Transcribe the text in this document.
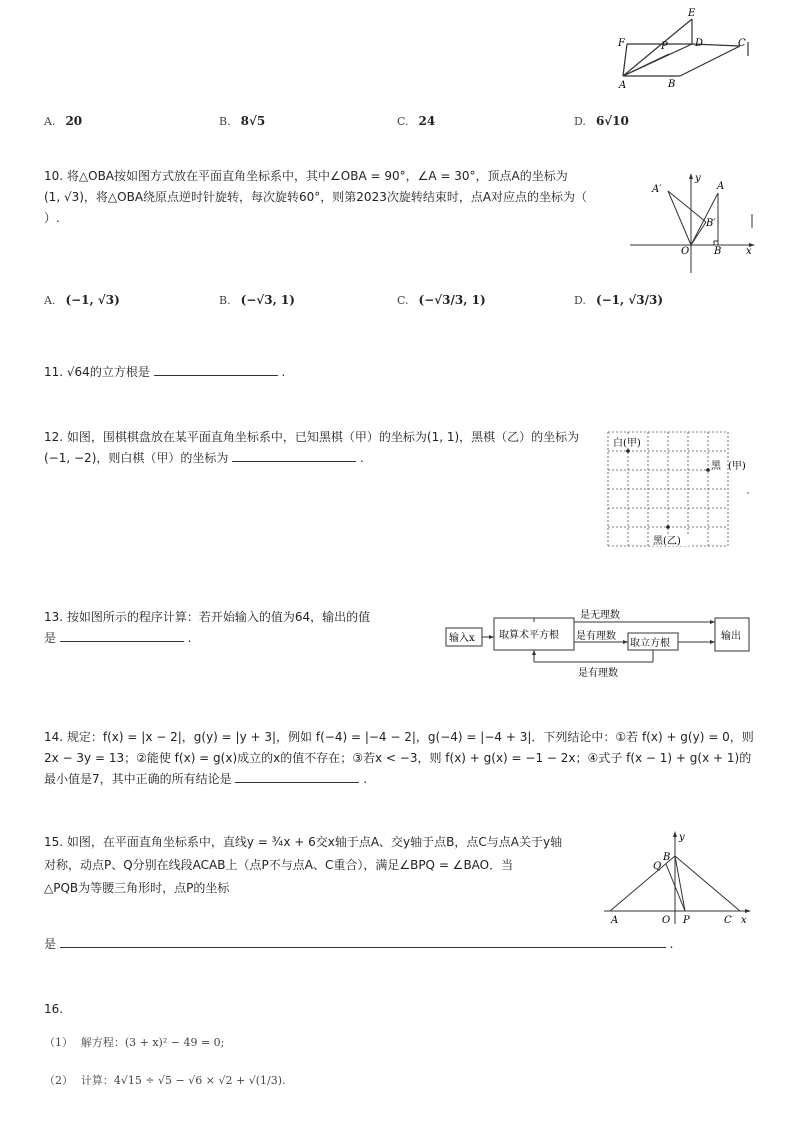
E
F	P	D	C
A	B
A. 20	B. 8√5	C. 24	D. 6√10
10. 将△OBA按如图方式放在平面直角坐标系中，其中∠OBA = 90°，∠A = 30°，顶点A的坐标为
(1, √3)，将△OBA绕原点逆时针旋转，每次旋转60°，则第2023次旋转结束时，点A对应点的坐标为（
）.
y
x
A′	A
B′
O B
A. (−1, √3)	B. (−√3, 1)	C. (−√3/3, 1)	D. (−1, √3/3)
11. √64的立方根是	.
12. 如图，围棋棋盘放在某平面直角坐标系中，已知黑棋（甲）的坐标为(1, 1)，黑棋（乙）的坐标为
(−1, −2)，则白棋（甲）的坐标为	.
白(甲)
黑 (甲)
黑(乙)
13. 按如图所示的程序计算：若开始输入的值为64，输出的值
是	.	输入x 取算术平方根 是有理数
取立方根
是无理数
输出
是有理数
14. 规定：f(x) = |x − 2|，g(y) = |y + 3|，例如 f(−4) = |−4 − 2|，g(−4) = |−4 + 3|．下列结论中：①若 f(x) + g(y) = 0，则
2x − 3y = 13；②能使 f(x) = g(x)成立的x的值不存在；③若x < −3，则 f(x) + g(x) = −1 − 2x；④式子 f(x − 1) + g(x + 1)的
最小值是7，其中正确的所有结论是	.
15. 如图，在平面直角坐标系中，直线y = ¾x + 6交x轴于点A、交y轴于点B，点C与点A关于y轴
对称，动点P、Q分别在线段ACAB上（点P不与点A、C重合），满足∠BPQ = ∠BAO．当
△PQB为等腰三角形时，点P的坐标
是	.
y
B
Q
A	O P	C x
16.
（1） 解方程：(3 + x)² − 49 = 0;
（2） 计算：4√15 ÷ √5 − √6 × √2 + √(1/3).
